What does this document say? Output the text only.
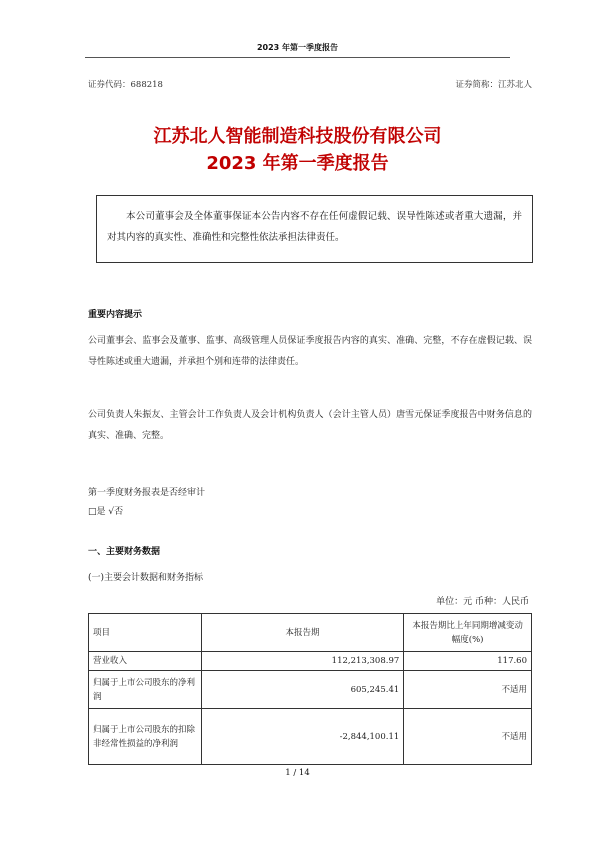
2023 年第一季度报告
证券代码：688218	证券简称：江苏北人
江苏北人智能制造科技股份有限公司
2023 年第一季度报告
本公司董事会及全体董事保证本公告内容不存在任何虚假记载、误导性陈述或者重大遗漏，并对其内容的真实性、准确性和完整性依法承担法律责任。
重要内容提示
公司董事会、监事会及董事、监事、高级管理人员保证季度报告内容的真实、准确、完整，不存在虚假记载、误导性陈述或重大遗漏，并承担个别和连带的法律责任。
公司负责人朱振友、主管会计工作负责人及会计机构负责人（会计主管人员）唐雪元保证季度报告中财务信息的真实、准确、完整。
第一季度财务报表是否经审计
□是 √否
一、主要财务数据
(一)主要会计数据和财务指标
单位：元 币种：人民币
项目	本报告期	本报告期比上年同期增减变动幅度(%)
营业收入	112,213,308.97	117.60
归属于上市公司股东的净利润	605,245.41	不适用
归属于上市公司股东的扣除非经常性损益的净利润	-2,844,100.11	不适用
1 / 14
